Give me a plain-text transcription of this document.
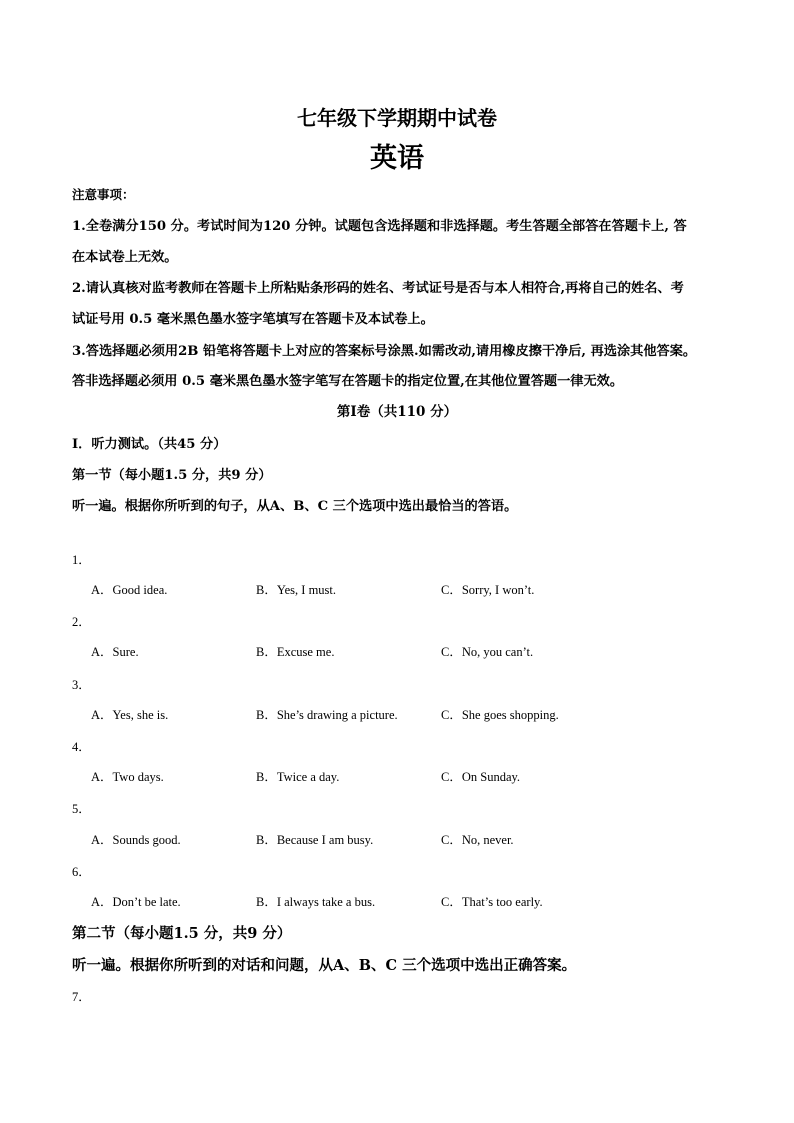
七年级下学期期中试卷
英语
注意事项：
1.全卷满分150 分。考试时间为120 分钟。试题包含选择题和非选择题。考生答题全部答在答题卡上, 答
在本试卷上无效。
2.请认真核对监考教师在答题卡上所粘贴条形码的姓名、考试证号是否与本人相符合,再将自己的姓名、考
试证号用 0.5 毫米黑色墨水签字笔填写在答题卡及本试卷上。
3.答选择题必须用2B 铅笔将答题卡上对应的答案标号涂黑.如需改动,请用橡皮擦干净后, 再选涂其他答案。
答非选择题必须用 0.5 毫米黑色墨水签字笔写在答题卡的指定位置,在其他位置答题一律无效。
第Ⅰ卷（共110 分）
Ⅰ．听力测试。（共45 分）
第一节（每小题1.5 分，共9 分）
听一遍。根据你所听到的句子，从A、B、C 三个选项中选出最恰当的答语。
1．
A．Good idea.	B．Yes, I must.	C．Sorry, I won’t.
2．
A．Sure.	B．Excuse me.	C．No, you can’t.
3．
A．Yes, she is.	B．She’s drawing a picture.	C．She goes shopping.
4．
A．Two days.	B．Twice a day.	C．On Sunday.
5．
A．Sounds good.	B．Because I am busy.	C．No, never.
6．
A．Don’t be late.	B．I always take a bus.	C．That’s too early.
第二节（每小题1.5 分，共9 分）
听一遍。根据你所听到的对话和问题，从A、B、C 三个选项中选出正确答案。
7．
